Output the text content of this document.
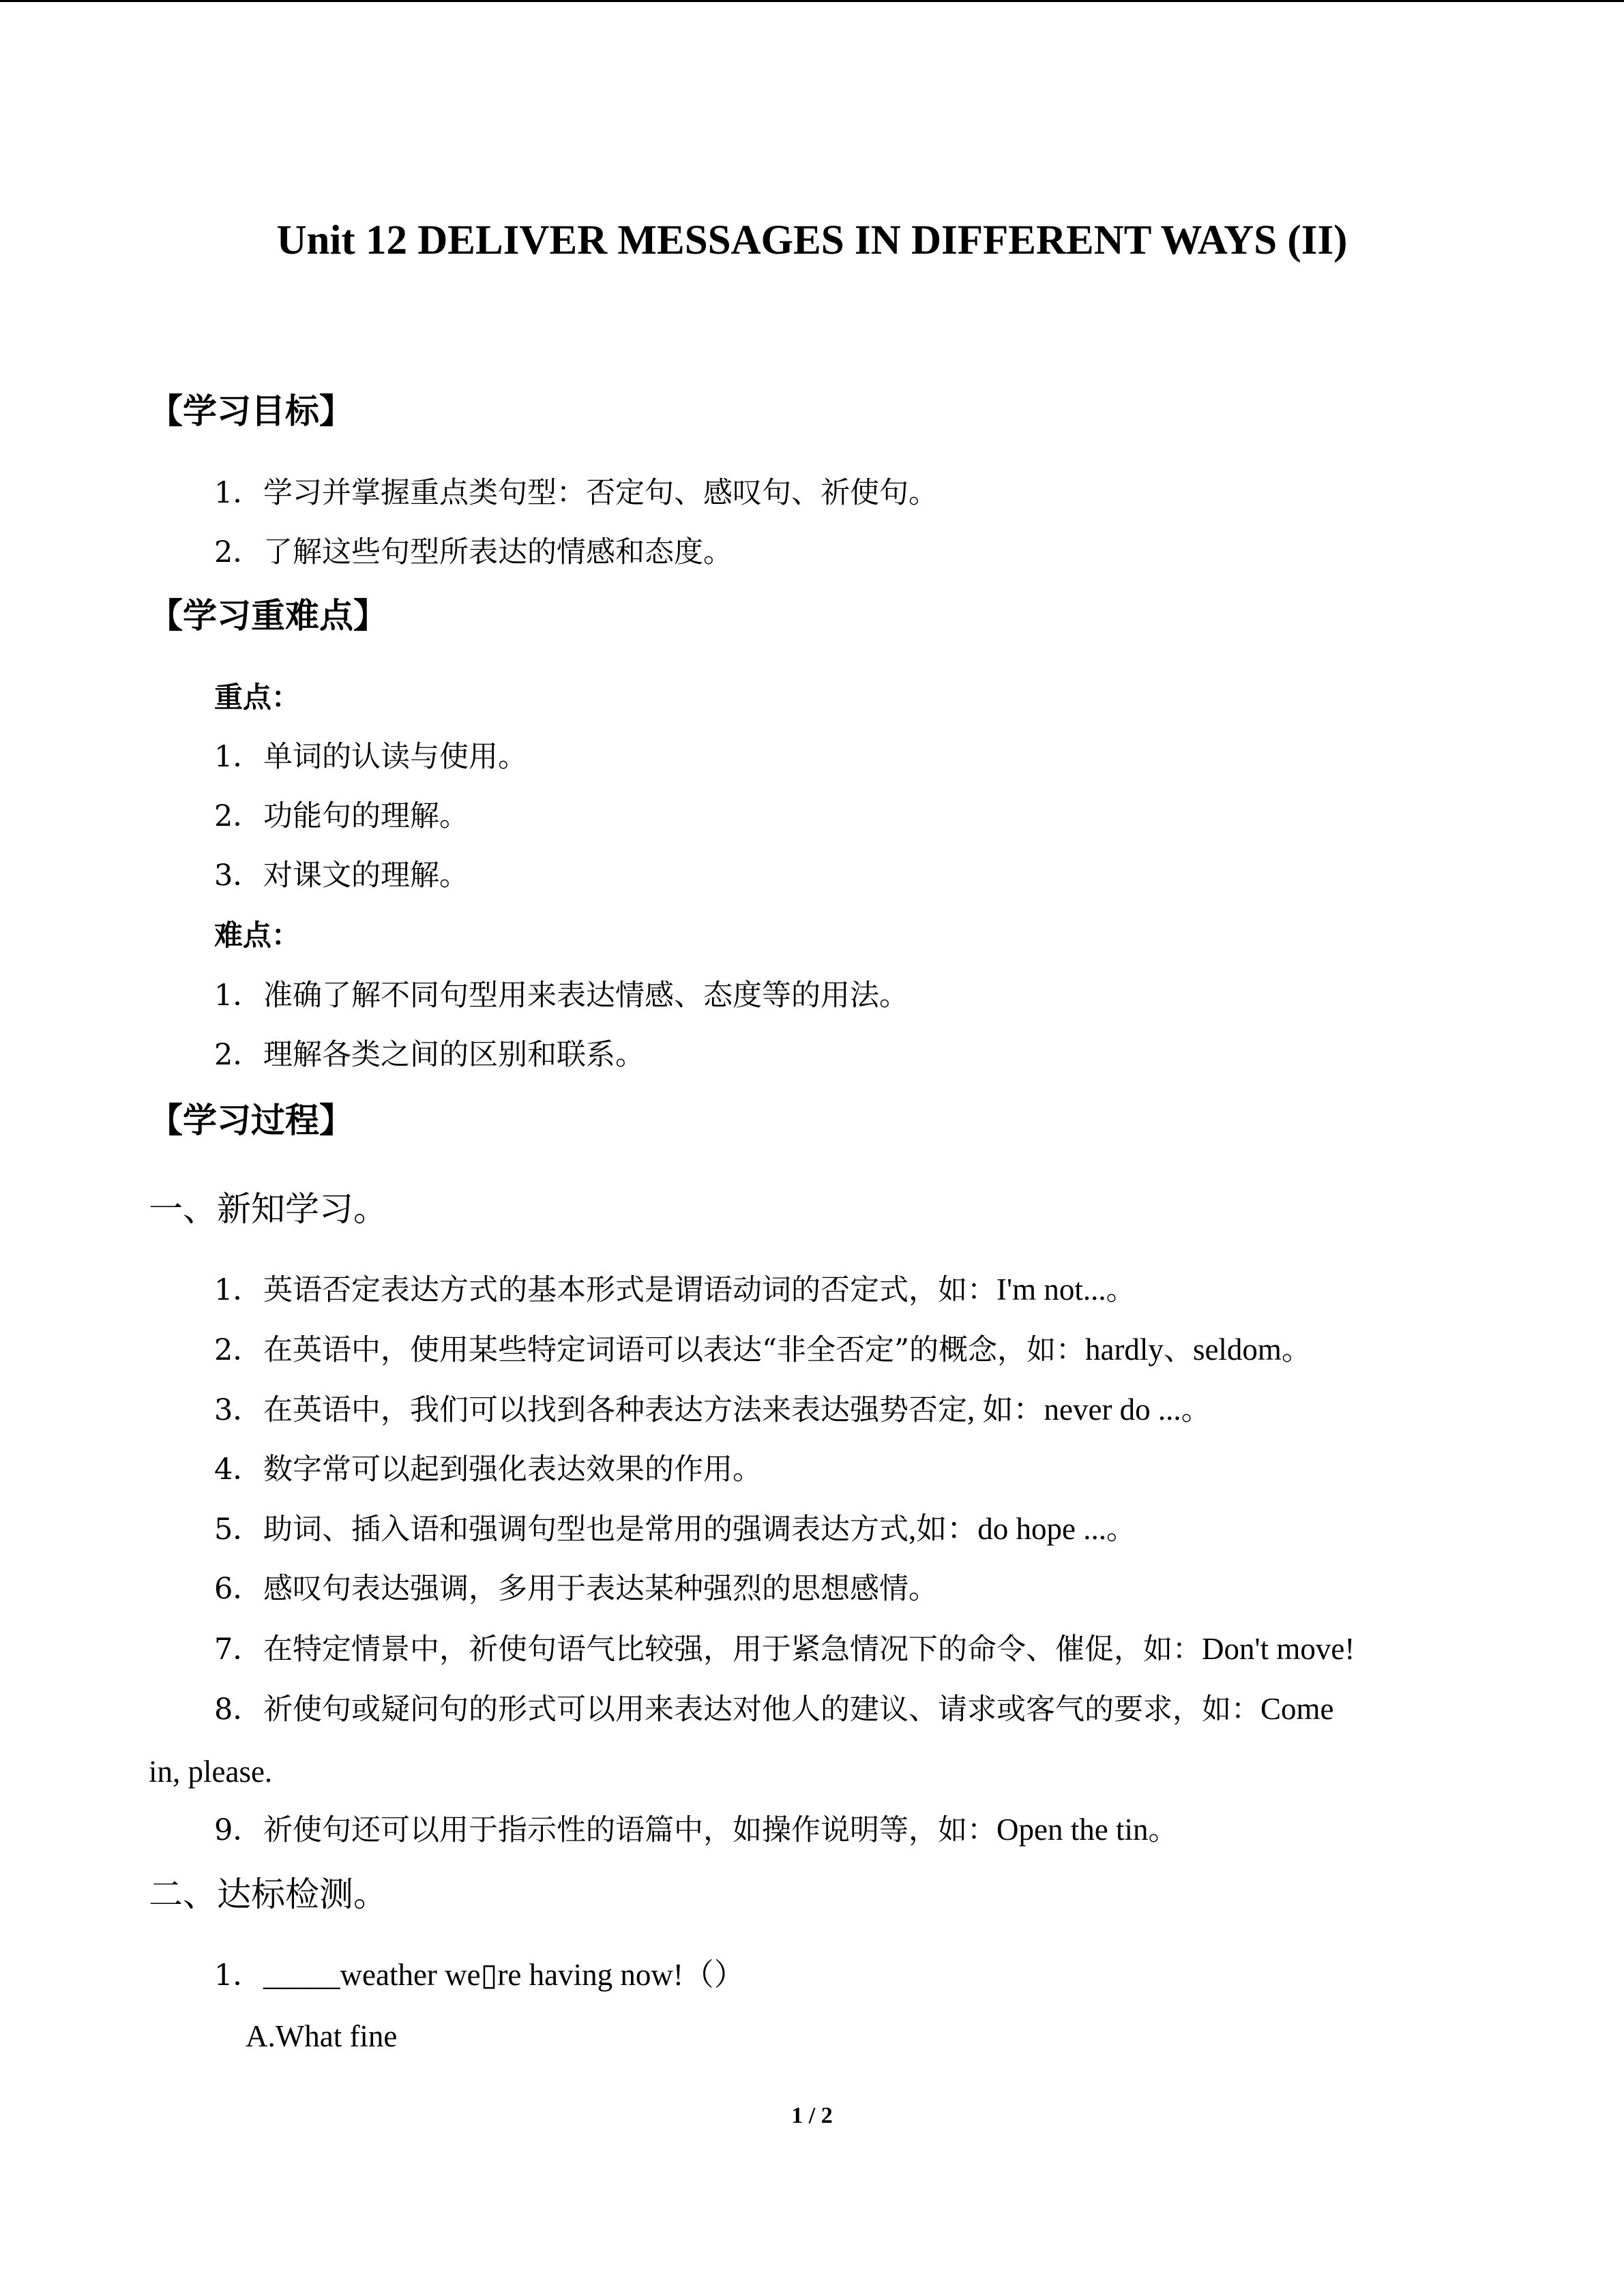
Unit 12 DELIVER MESSAGES IN DIFFERENT WAYS (II)
【学习目标】
1．学习并掌握重点类句型：否定句、感叹句、祈使句。
2．了解这些句型所表达的情感和态度。
【学习重难点】
重点：
1．单词的认读与使用。
2．功能句的理解。
3．对课文的理解。
难点：
1．准确了解不同句型用来表达情感、态度等的用法。
2．理解各类之间的区别和联系。
【学习过程】
一、新知学习。
1．英语否定表达方式的基本形式是谓语动词的否定式，如：I'm not...。
2．在英语中，使用某些特定词语可以表达“非全否定”的概念，如：hardly、seldom。
3．在英语中，我们可以找到各种表达方法来表达强势否定, 如：never do ...。
4．数字常可以起到强化表达效果的作用。
5．助词、插入语和强调句型也是常用的强调表达方式,如：do hope ...。
6．感叹句表达强调，多用于表达某种强烈的思想感情。
7．在特定情景中，祈使句语气比较强，用于紧急情况下的命令、催促，如：Don't move!
8．祈使句或疑问句的形式可以用来表达对他人的建议、请求或客气的要求，如：Come
in, please.
9．祈使句还可以用于指示性的语篇中，如操作说明等，如：Open the tin。
二、达标检测。
1．_____weather we▯re having now!（）
A.What fine
1 / 2
